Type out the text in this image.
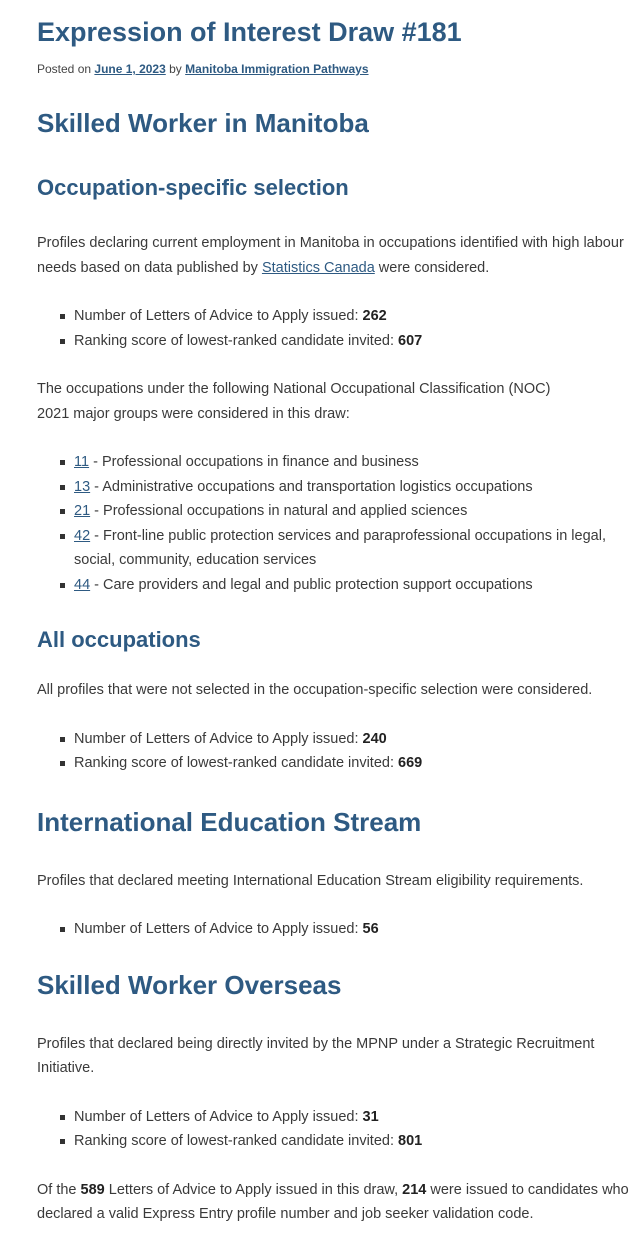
Expression of Interest Draw #181
Posted on June 1, 2023 by Manitoba Immigration Pathways
Skilled Worker in Manitoba
Occupation-specific selection

Profiles declaring current employment in Manitoba in occupations identified with high labour needs based on data published by Statistics Canada were considered.

Number of Letters of Advice to Apply issued: 262
Ranking score of lowest-ranked candidate invited: 607

The occupations under the following National Occupational Classification (NOC) 2021 major groups were considered in this draw:

11 - Professional occupations in finance and business
13 - Administrative occupations and transportation logistics occupations
21 - Professional occupations in natural and applied sciences
42 - Front-line public protection services and paraprofessional occupations in legal, social, community, education services
44 - Care providers and legal and public protection support occupations
All occupations

All profiles that were not selected in the occupation-specific selection were considered.

Number of Letters of Advice to Apply issued: 240
Ranking score of lowest-ranked candidate invited: 669
International Education Stream

Profiles that declared meeting International Education Stream eligibility requirements.

Number of Letters of Advice to Apply issued: 56
Skilled Worker Overseas

Profiles that declared being directly invited by the MPNP under a Strategic Recruitment Initiative.

Number of Letters of Advice to Apply issued: 31
Ranking score of lowest-ranked candidate invited: 801

Of the 589 Letters of Advice to Apply issued in this draw, 214 were issued to candidates who declared a valid Express Entry profile number and job seeker validation code.
